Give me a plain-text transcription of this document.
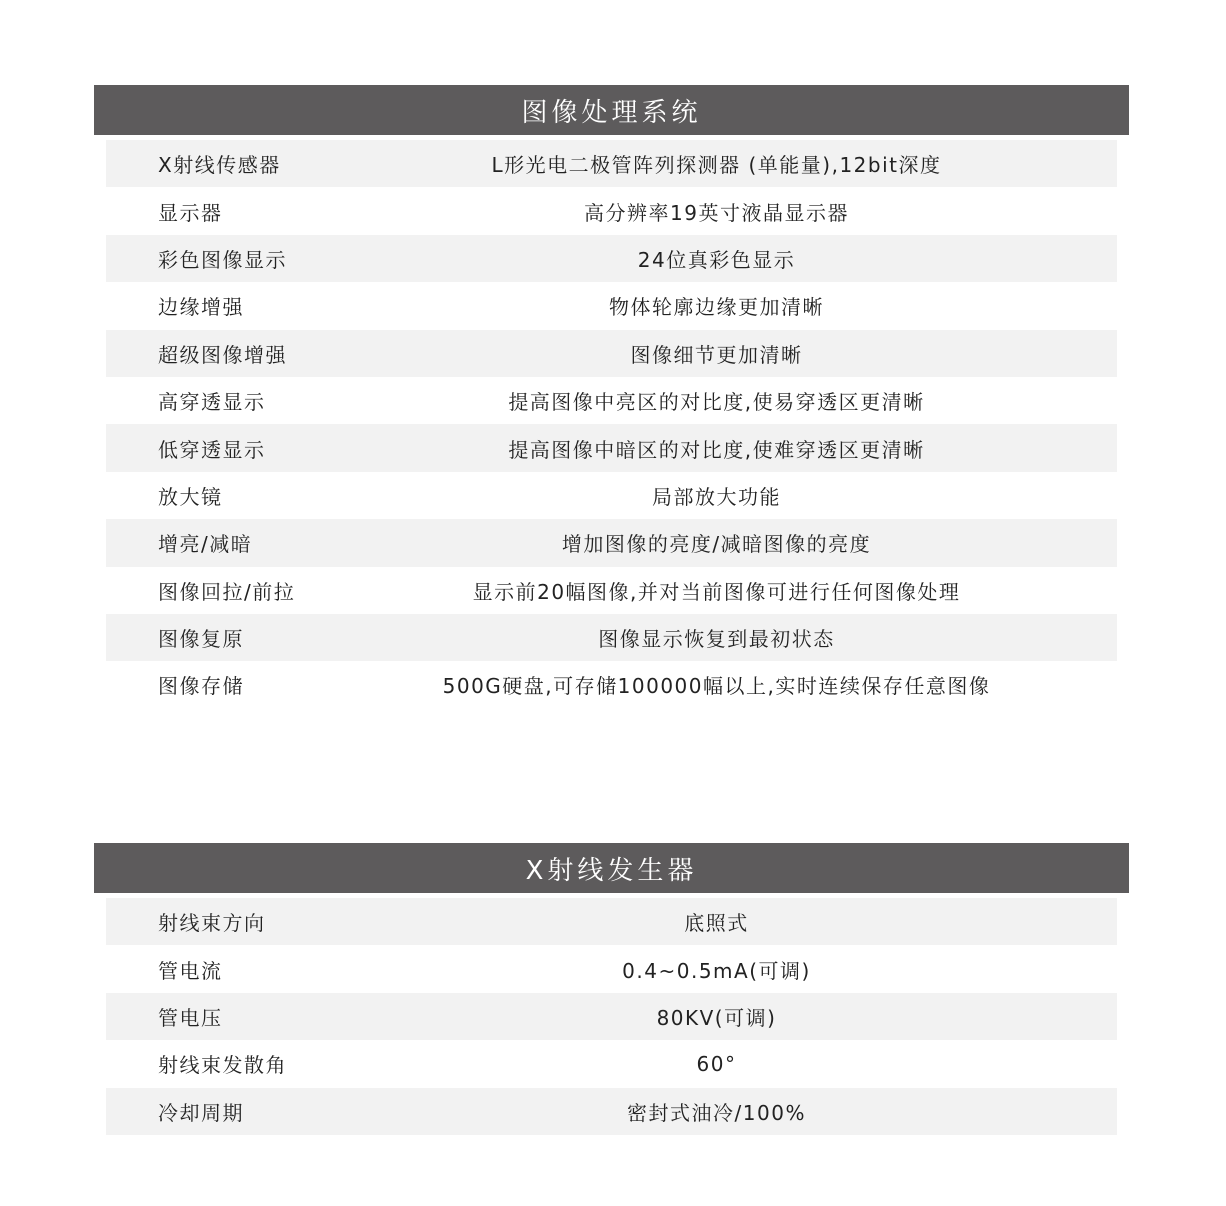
图像处理系统
X射线传感器	L形光电二极管阵列探测器 (单能量),12bit深度
显示器	高分辨率19英寸液晶显示器
彩色图像显示	24位真彩色显示
边缘增强	物体轮廓边缘更加清晰
超级图像增强	图像细节更加清晰
高穿透显示	提高图像中亮区的对比度,使易穿透区更清晰
低穿透显示	提高图像中暗区的对比度,使难穿透区更清晰
放大镜	局部放大功能
增亮/减暗	增加图像的亮度/减暗图像的亮度
图像回拉/前拉	显示前20幅图像,并对当前图像可进行任何图像处理
图像复原	图像显示恢复到最初状态
图像存储	500G硬盘,可存储100000幅以上,实时连续保存任意图像
X射线发生器
射线束方向	底照式
管电流	0.4~0.5mA(可调)
管电压	80KV(可调)
射线束发散角	60°
冷却周期	密封式油冷/100%
